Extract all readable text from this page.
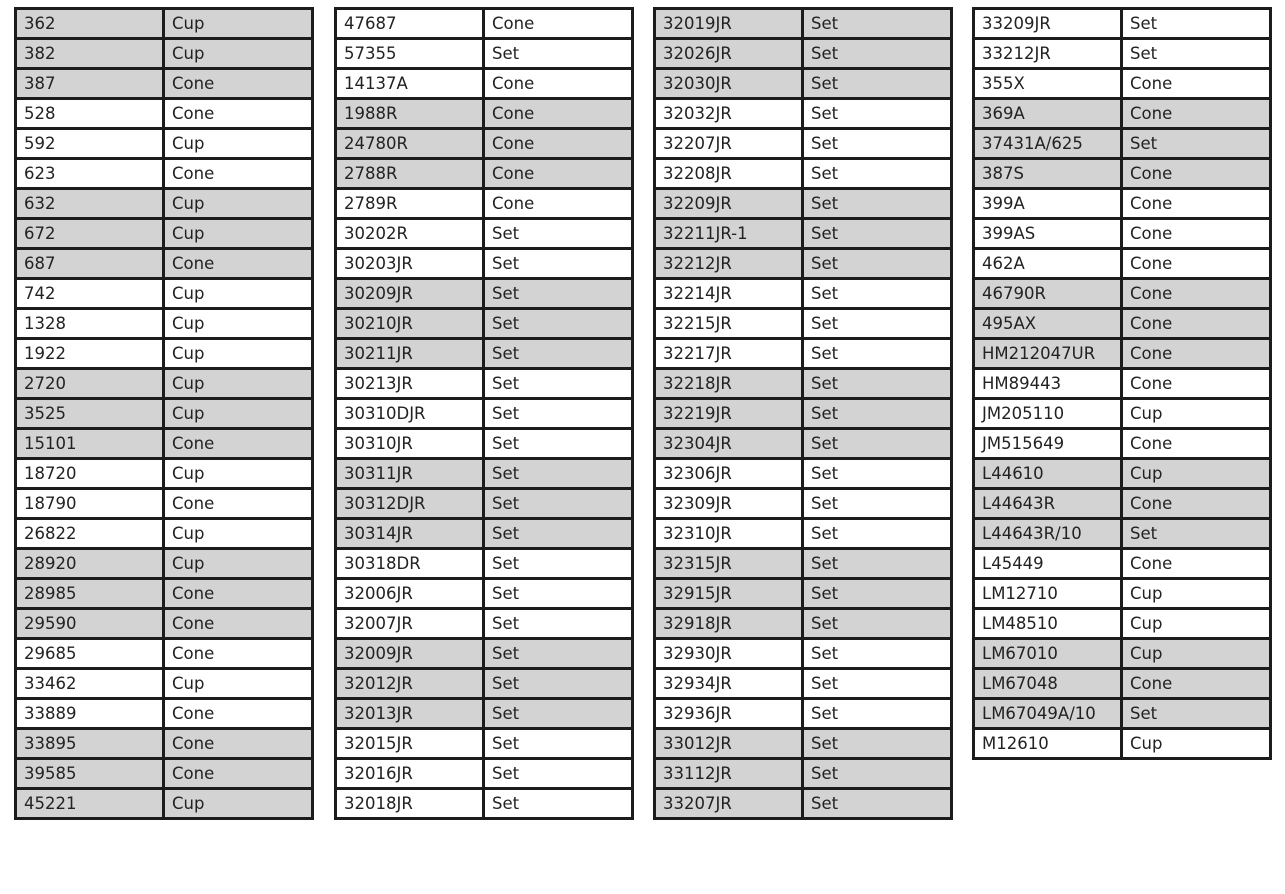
362	Cup
382	Cup
387	Cone
528	Cone
592	Cup
623	Cone
632	Cup
672	Cup
687	Cone
742	Cup
1328	Cup
1922	Cup
2720	Cup
3525	Cup
15101	Cone
18720	Cup
18790	Cone
26822	Cup
28920	Cup
28985	Cone
29590	Cone
29685	Cone
33462	Cup
33889	Cone
33895	Cone
39585	Cone
45221	Cup
47687	Cone
57355	Set
14137A	Cone
1988R	Cone
24780R	Cone
2788R	Cone
2789R	Cone
30202R	Set
30203JR	Set
30209JR	Set
30210JR	Set
30211JR	Set
30213JR	Set
30310DJR	Set
30310JR	Set
30311JR	Set
30312DJR	Set
30314JR	Set
30318DR	Set
32006JR	Set
32007JR	Set
32009JR	Set
32012JR	Set
32013JR	Set
32015JR	Set
32016JR	Set
32018JR	Set
32019JR	Set
32026JR	Set
32030JR	Set
32032JR	Set
32207JR	Set
32208JR	Set
32209JR	Set
32211JR-1	Set
32212JR	Set
32214JR	Set
32215JR	Set
32217JR	Set
32218JR	Set
32219JR	Set
32304JR	Set
32306JR	Set
32309JR	Set
32310JR	Set
32315JR	Set
32915JR	Set
32918JR	Set
32930JR	Set
32934JR	Set
32936JR	Set
33012JR	Set
33112JR	Set
33207JR	Set
33209JR	Set
33212JR	Set
355X	Cone
369A	Cone
37431A/625	Set
387S	Cone
399A	Cone
399AS	Cone
462A	Cone
46790R	Cone
495AX	Cone
HM212047UR	Cone
HM89443	Cone
JM205110	Cup
JM515649	Cone
L44610	Cup
L44643R	Cone
L44643R/10	Set
L45449	Cone
LM12710	Cup
LM48510	Cup
LM67010	Cup
LM67048	Cone
LM67049A/10	Set
M12610	Cup
